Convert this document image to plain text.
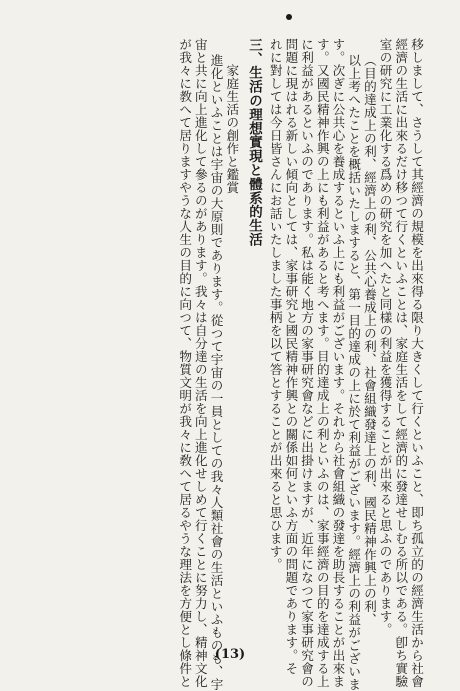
移しまして、さうして其經濟の規模を出來得る限り大きくして行くといふこと、即ち孤立的の經濟生活から社會
經濟の生活に出來るだけ移つて行くといふことは、家庭生活をして經濟的に發達せしむる所以である。卽ち實驗
室の研究に工業化する爲めの研究を加へたと同樣の利益を獲得することが出來ると思ふのであります。
（目的達成上の利、經濟上の利、公共心養成上の利、社會組織發達上の利、國民精神作興上の利、
以上考へたことを概括いたしますると、第一目的達成の上に於て利益がございます。經濟上の利益がございま
す。次ぎに公共心を養成するといふ上にも利益がございます。それから社會組織の發達を助長することが出來ま
す。又國民精神作興の上にも利益があると考へます。目的達成上の利といふのは、家事經濟の目的を達成する上
に利益があるといふのであります。私は能く地方の家事研究會などに出掛けますが、近年になつて家事研究會の
問題に現はれる新しい傾向としては、家事研究と國民精神作興との關係如何といふ方面の問題であります。そ
れに對しては今日皆さんにお話いたしました事柄を以て答とすることが出來ると思ひます。
三、生活の理想實現と體系的生活
家庭生活の創作と鑑賞
進化といふことは宇宙の大原則であります。從つて宇宙の一員としての我々人類社會の生活といふものも、宇
宙と共に向上進化して參るのがあります。我々は自分達の生活を向上進化せしめて行くことに努力し、精神文化
が我々に教へて居りますやうな人生の目的に向つて、物質文明が我々に敎へて居るやうな理法を方便とし條件と	(13)
